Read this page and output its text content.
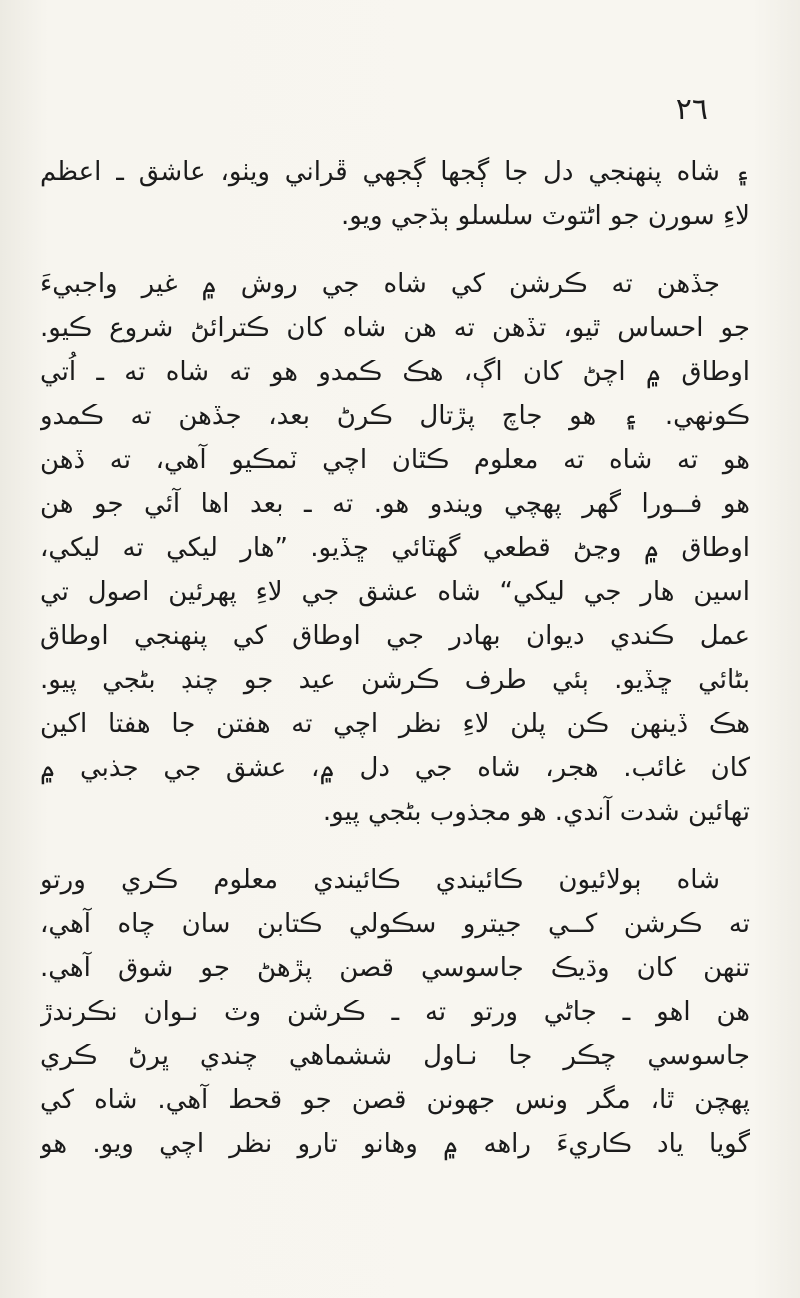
٢٦
۽ شاه پنهنجي دل جا ڳجها ڳجهي ڦراني ويٺو، عاشق ـ اعظم
لاءِ سورن جو اڻتوٽ سلسلو ٻڌجي ويو.
جڏهن ته ڪرشن کي شاه جي روش ۾ غير واجبيءَ
جو احساس ٿيو، تڏهن ته هن شاه کان ڪترائڻ شروع ڪيو.
اوطاق ۾ اچڻ کان اڳ، هڪ ڪمدو هو ته شاه ته ـ اُتي
ڪونهي. ۽ هو جاچ پڙتال ڪرڻ بعد، جڏهن ته ڪمدو
هو ته شاه ته معلوم ڪٿان اچي ٽمڪيو آهي، ته ڏهن
هو فــورا گهر پهچي ويندو هو. ته ـ بعد اها آئي جو هن
اوطاق ۾ وڃڻ قطعي گهٽائي ڇڏيو. ”هار ليکي ته ليکي،
اسين هار جي ليکي“ شاه عشق جي لاءِ پهرئين اصول تي
عمل ڪندي ديوان بهادر جي اوطاق کي پنهنجي اوطاق
بڻائي ڇڏيو. ٻئي طرف ڪرشن عيد جو چنڊ بڻجي پيو.
هڪ ڏينهن ڪن پلن لاءِ نظر اچي ته هفتن جا هفتا اکين
کان غائب. هجر، شاه جي دل ۾، عشق جي جذبي ۾
تهائين شدت آندي. هو مجذوب بڻجي پيو.
شاه ٻولائيون ڪائيندي ڪائيندي معلوم ڪري ورتو
ته ڪرشن کــي جيترو سڪولي ڪتابن سان چاه آهي،
تنهن کان وڌيڪ جاسوسي قصن پڙهڻ جو شوق آهي.
هن اهو ـ جاڻي ورتو ته ـ ڪرشن وٽ نـوان نڪرندڙ
جاسوسي چڪر جا نـاول ششماهي چندي ڀرڻ ڪري
پهچن ٿا، مگر ونس جهونن قصن جو قحط آهي. شاه کي
گويا ياد ڪاريءَ راهه ۾ وهانو تارو نظر اچي ويو. هو
